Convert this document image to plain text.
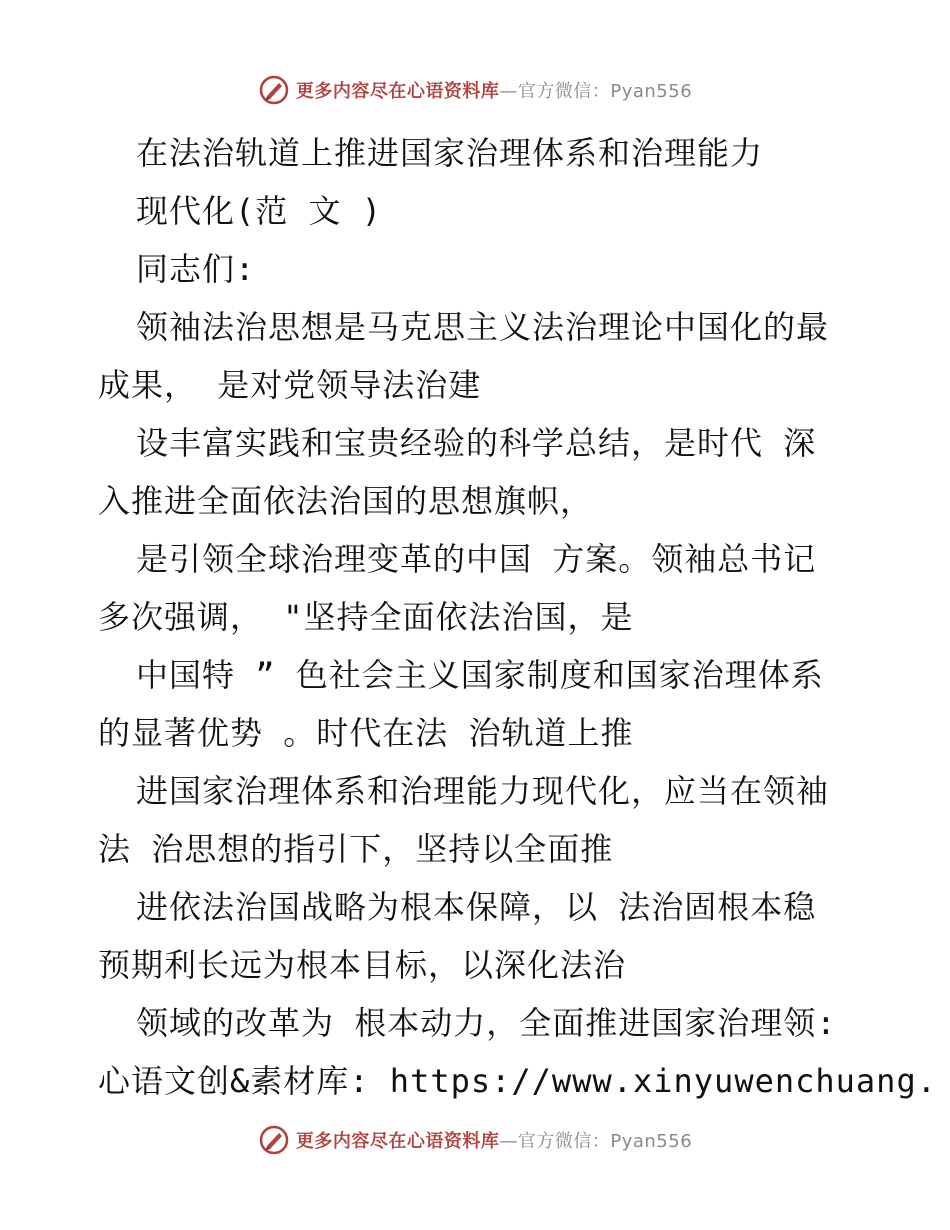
更多内容尽在心语资料库—官方微信：Pyan556
在法治轨道上推进国家治理体系和治理能力
现代化(范 文 )
同志们:
领袖法治思想是马克思主义法治理论中国化的最
成果， 是对党领导法治建
设丰富实践和宝贵经验的科学总结，是时代 深
入推进全面依法治国的思想旗帜，
是引领全球治理变革的中国 方案。领袖总书记
多次强调， "坚持全面依法治国，是
中国特 ” 色社会主义国家制度和国家治理体系
的显著优势 。时代在法 治轨道上推
进国家治理体系和治理能力现代化，应当在领袖
法 治思想的指引下，坚持以全面推
进依法治国战略为根本保障，以 法治固根本稳
预期利长远为根本目标，以深化法治
领域的改革为 根本动力，全面推进国家治理领:
心语文创&素材库: https://www.xinyuwenchuang.
更多内容尽在心语资料库—官方微信：Pyan556
